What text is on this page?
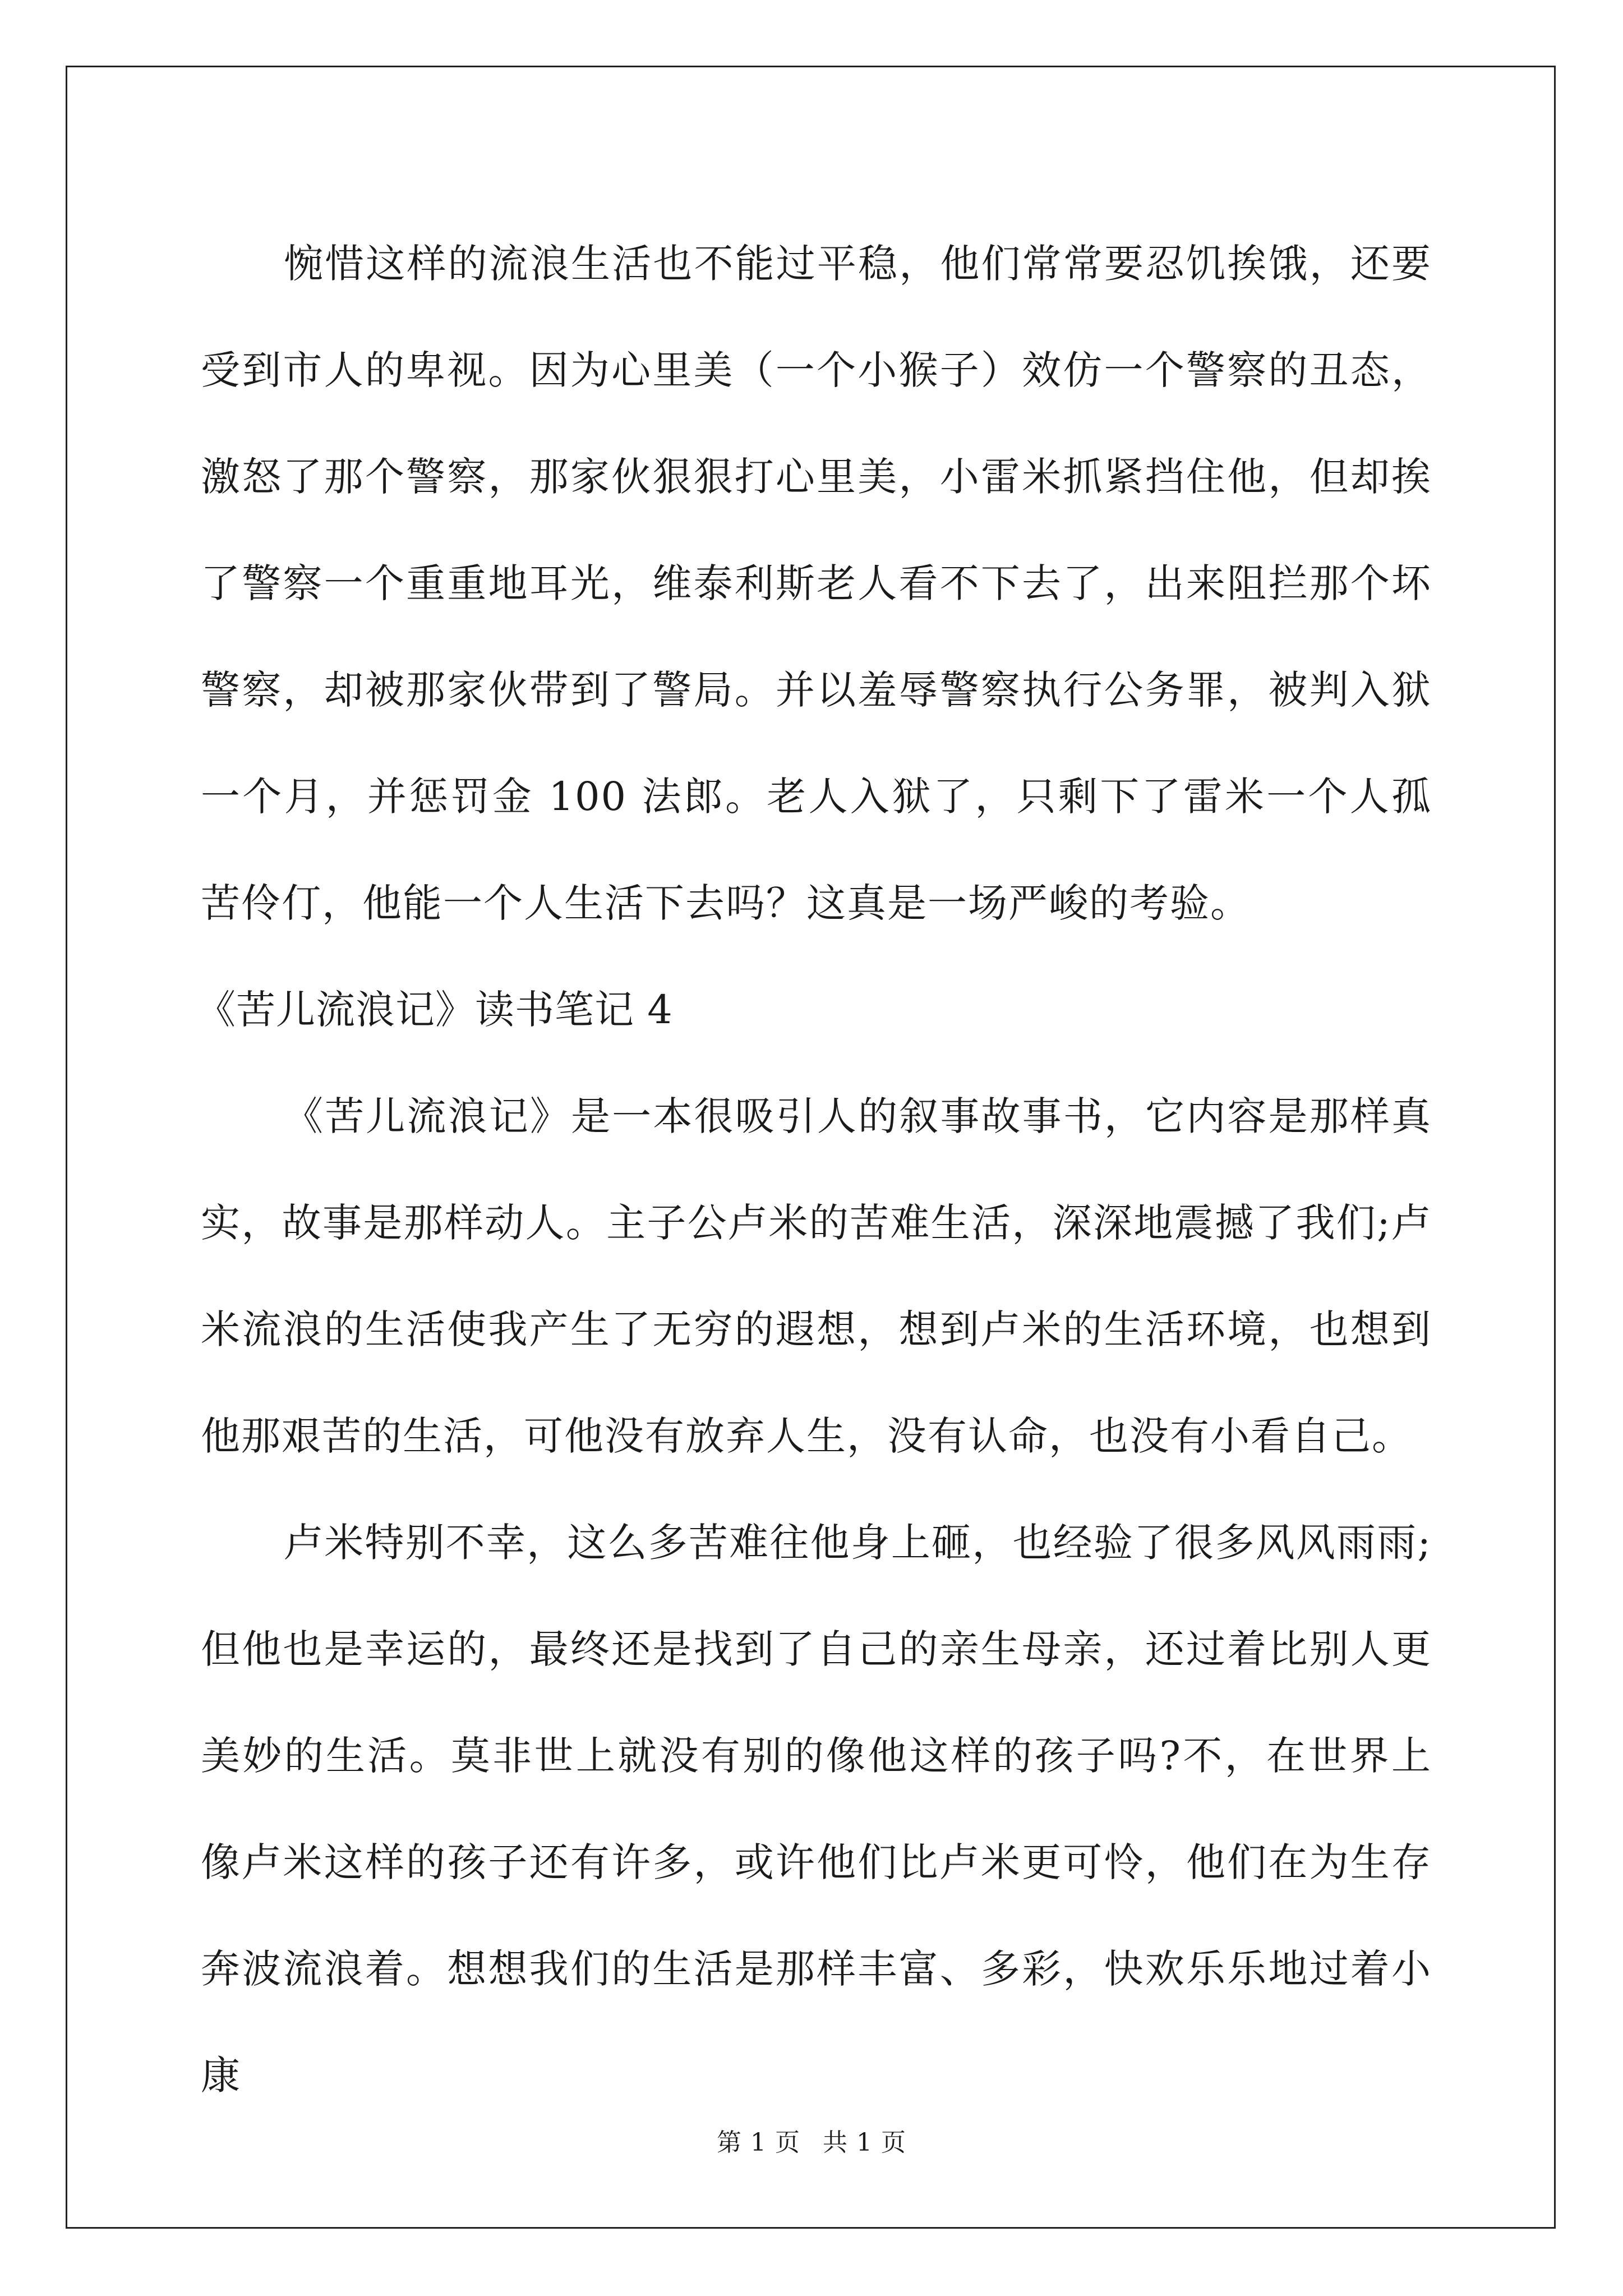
惋惜这样的流浪生活也不能过平稳，他们常常要忍饥挨饿，还要受到市人的卑视。因为心里美（一个小猴子）效仿一个警察的丑态，激怒了那个警察，那家伙狠狠打心里美，小雷米抓紧挡住他，但却挨了警察一个重重地耳光，维泰利斯老人看不下去了，出来阻拦那个坏警察，却被那家伙带到了警局。并以羞辱警察执行公务罪，被判入狱一个月，并惩罚金 100 法郎。老人入狱了，只剩下了雷米一个人孤苦伶仃，他能一个人生活下去吗？这真是一场严峻的考验。

《苦儿流浪记》读书笔记 4

《苦儿流浪记》是一本很吸引人的叙事故事书，它内容是那样真实，故事是那样动人。主子公卢米的苦难生活，深深地震撼了我们;卢米流浪的生活使我产生了无穷的遐想，想到卢米的生活环境，也想到他那艰苦的生活，可他没有放弃人生，没有认命，也没有小看自己。

卢米特别不幸，这么多苦难往他身上砸，也经验了很多风风雨雨;但他也是幸运的，最终还是找到了自己的亲生母亲，还过着比别人更美妙的生活。莫非世上就没有别的像他这样的孩子吗?不，在世界上像卢米这样的孩子还有许多，或许他们比卢米更可怜，他们在为生存奔波流浪着。想想我们的生活是那样丰富、多彩，快欢乐乐地过着小康

第 1 页 共 1 页
